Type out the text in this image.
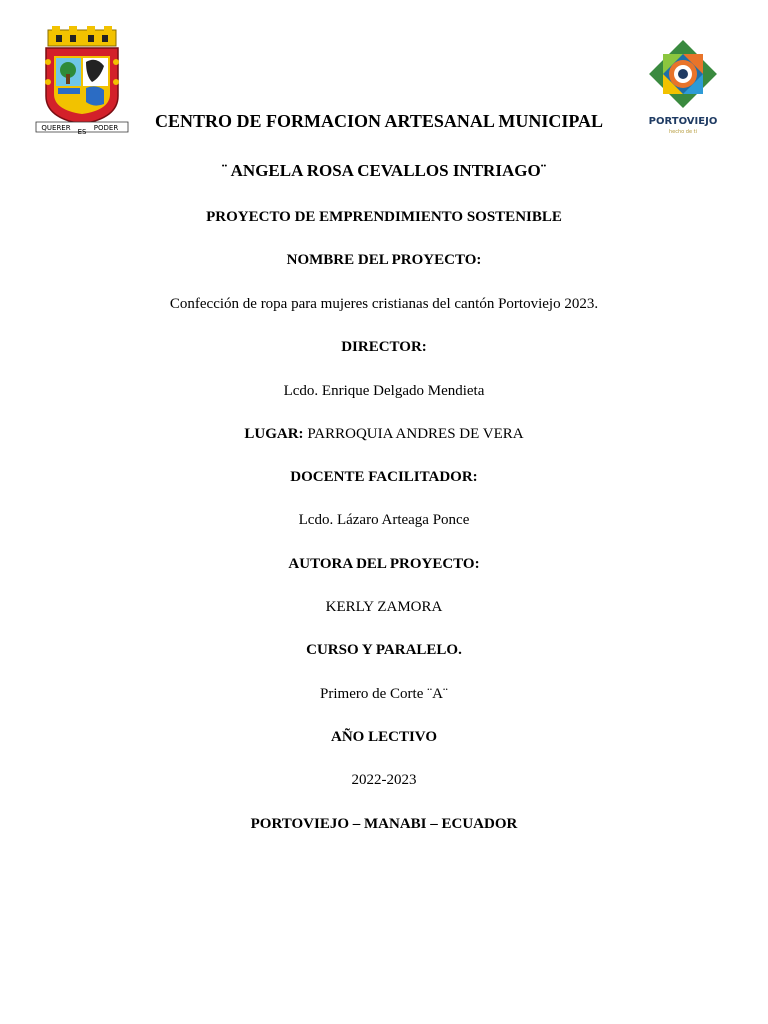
QUERER ES PODER
PORTOVIEJO
hecho de ti
CENTRO DE FORMACION ARTESANAL MUNICIPAL
¨ ANGELA ROSA CEVALLOS INTRIAGO¨
PROYECTO DE EMPRENDIMIENTO SOSTENIBLE
NOMBRE DEL PROYECTO:
Confección de ropa para mujeres cristianas del cantón Portoviejo 2023.
DIRECTOR:
Lcdo. Enrique Delgado Mendieta
LUGAR: PARROQUIA ANDRES DE VERA
DOCENTE FACILITADOR:
Lcdo. Lázaro Arteaga Ponce
AUTORA DEL PROYECTO:
KERLY ZAMORA
CURSO Y PARALELO.
Primero de Corte ¨A¨
AÑO LECTIVO
2022-2023
PORTOVIEJO – MANABI – ECUADOR
